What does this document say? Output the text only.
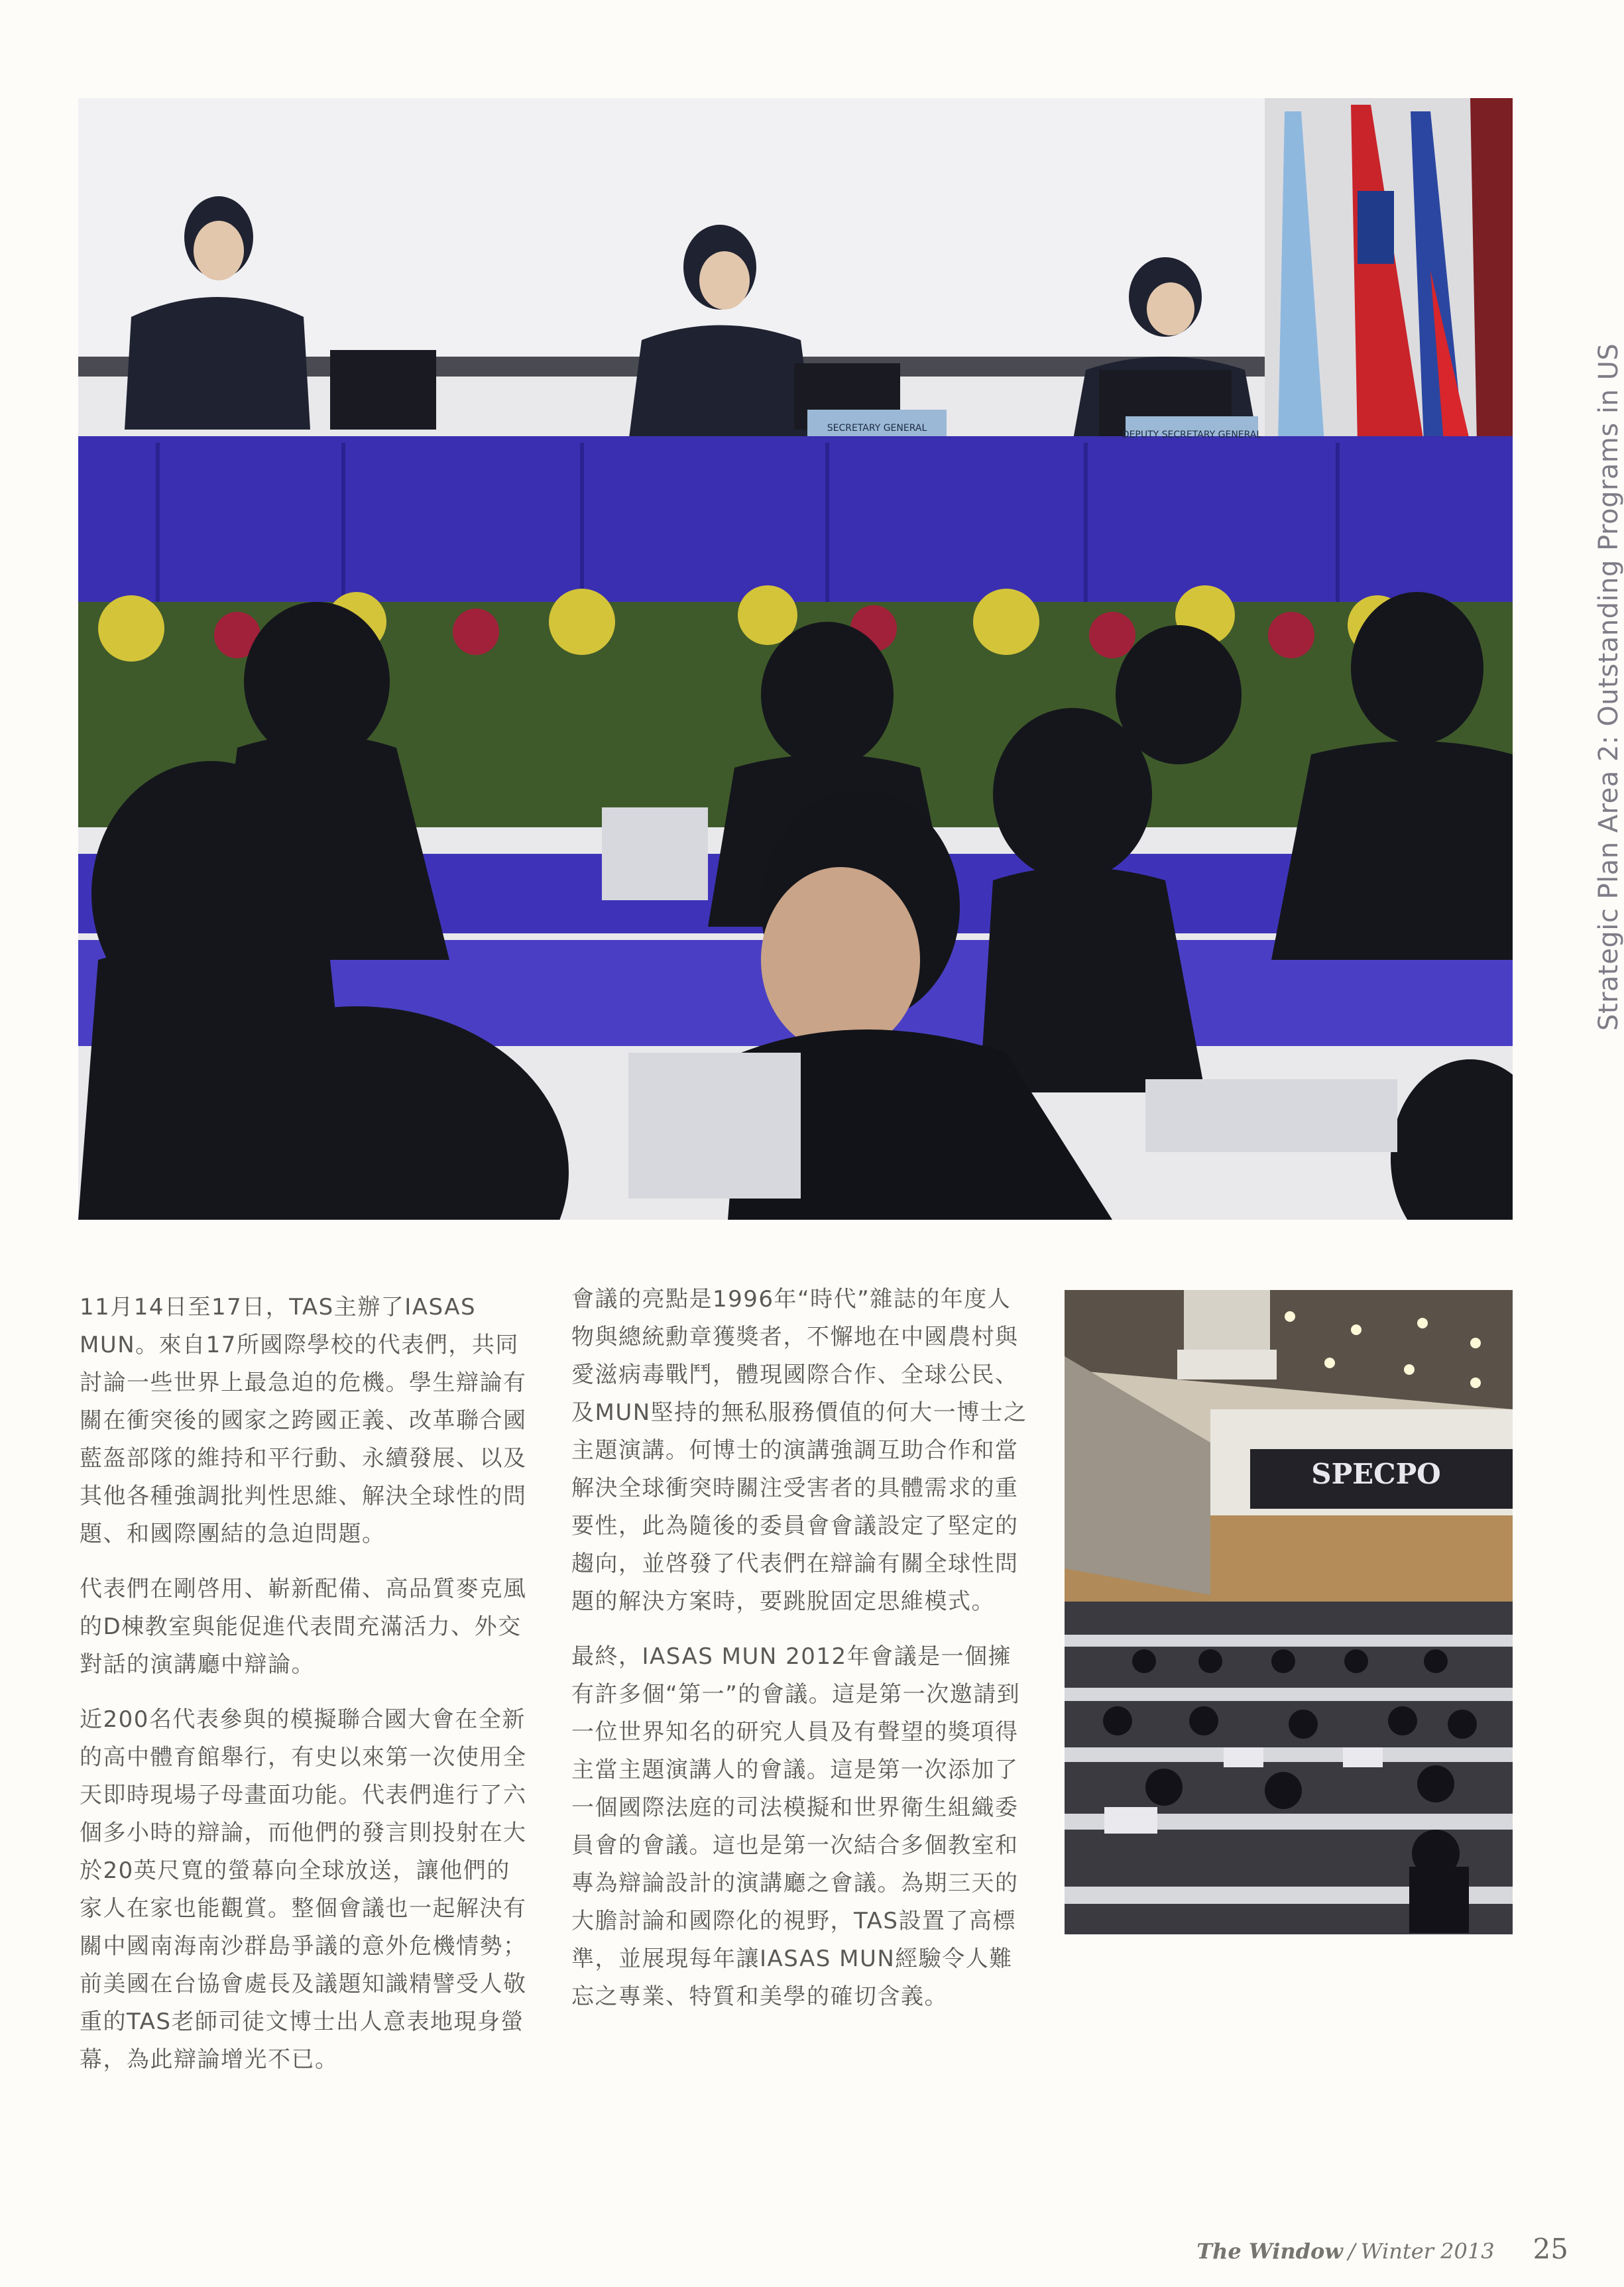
SECRETARY GENERAL
DEPUTY SECRETARY GENERAL	Strategic Plan Area 2: Outstanding Programs in US

11月14日至17日，TAS主辦了IASAS MUN。來自17所國際學校的代表們，共同討論一些世界上最急迫的危機。學生辯論有關在衝突後的國家之跨國正義、改革聯合國藍盔部隊的維持和平行動、永續發展、以及其他各種強調批判性思維、解決全球性的問題、和國際團結的急迫問題。

代表們在剛啓用、嶄新配備、高品質麥克風的D棟教室與能促進代表間充滿活力、外交對話的演講廳中辯論。

近200名代表參與的模擬聯合國大會在全新的高中體育館舉行，有史以來第一次使用全天即時現場子母畫面功能。代表們進行了六個多小時的辯論，而他們的發言則投射在大於20英尺寬的螢幕向全球放送，讓他們的家人在家也能觀賞。整個會議也一起解決有關中國南海南沙群島爭議的意外危機情勢；前美國在台協會處長及議題知識精譬受人敬重的TAS老師司徒文博士出人意表地現身螢幕，為此辯論增光不已。

會議的亮點是1996年“時代”雜誌的年度人物與總統勳章獲獎者，不懈地在中國農村與愛滋病毒戰鬥，體現國際合作、全球公民、及MUN堅持的無私服務價值的何大一博士之主題演講。何博士的演講強調互助合作和當解決全球衝突時關注受害者的具體需求的重要性，此為隨後的委員會會議設定了堅定的趨向，並啓發了代表們在辯論有關全球性問題的解決方案時，要跳脫固定思維模式。

最終，IASAS MUN 2012年會議是一個擁有許多個“第一”的會議。這是第一次邀請到一位世界知名的研究人員及有聲望的獎項得主當主題演講人的會議。這是第一次添加了一個國際法庭的司法模擬和世界衛生組織委員會的會議。這也是第一次結合多個教室和專為辯論設計的演講廳之會議。為期三天的大膽討論和國際化的視野，TAS設置了高標準，並展現每年讓IASAS MUN經驗令人難忘之專業、特質和美學的確切含義。

SPECPO
The Window / Winter 2013 25
